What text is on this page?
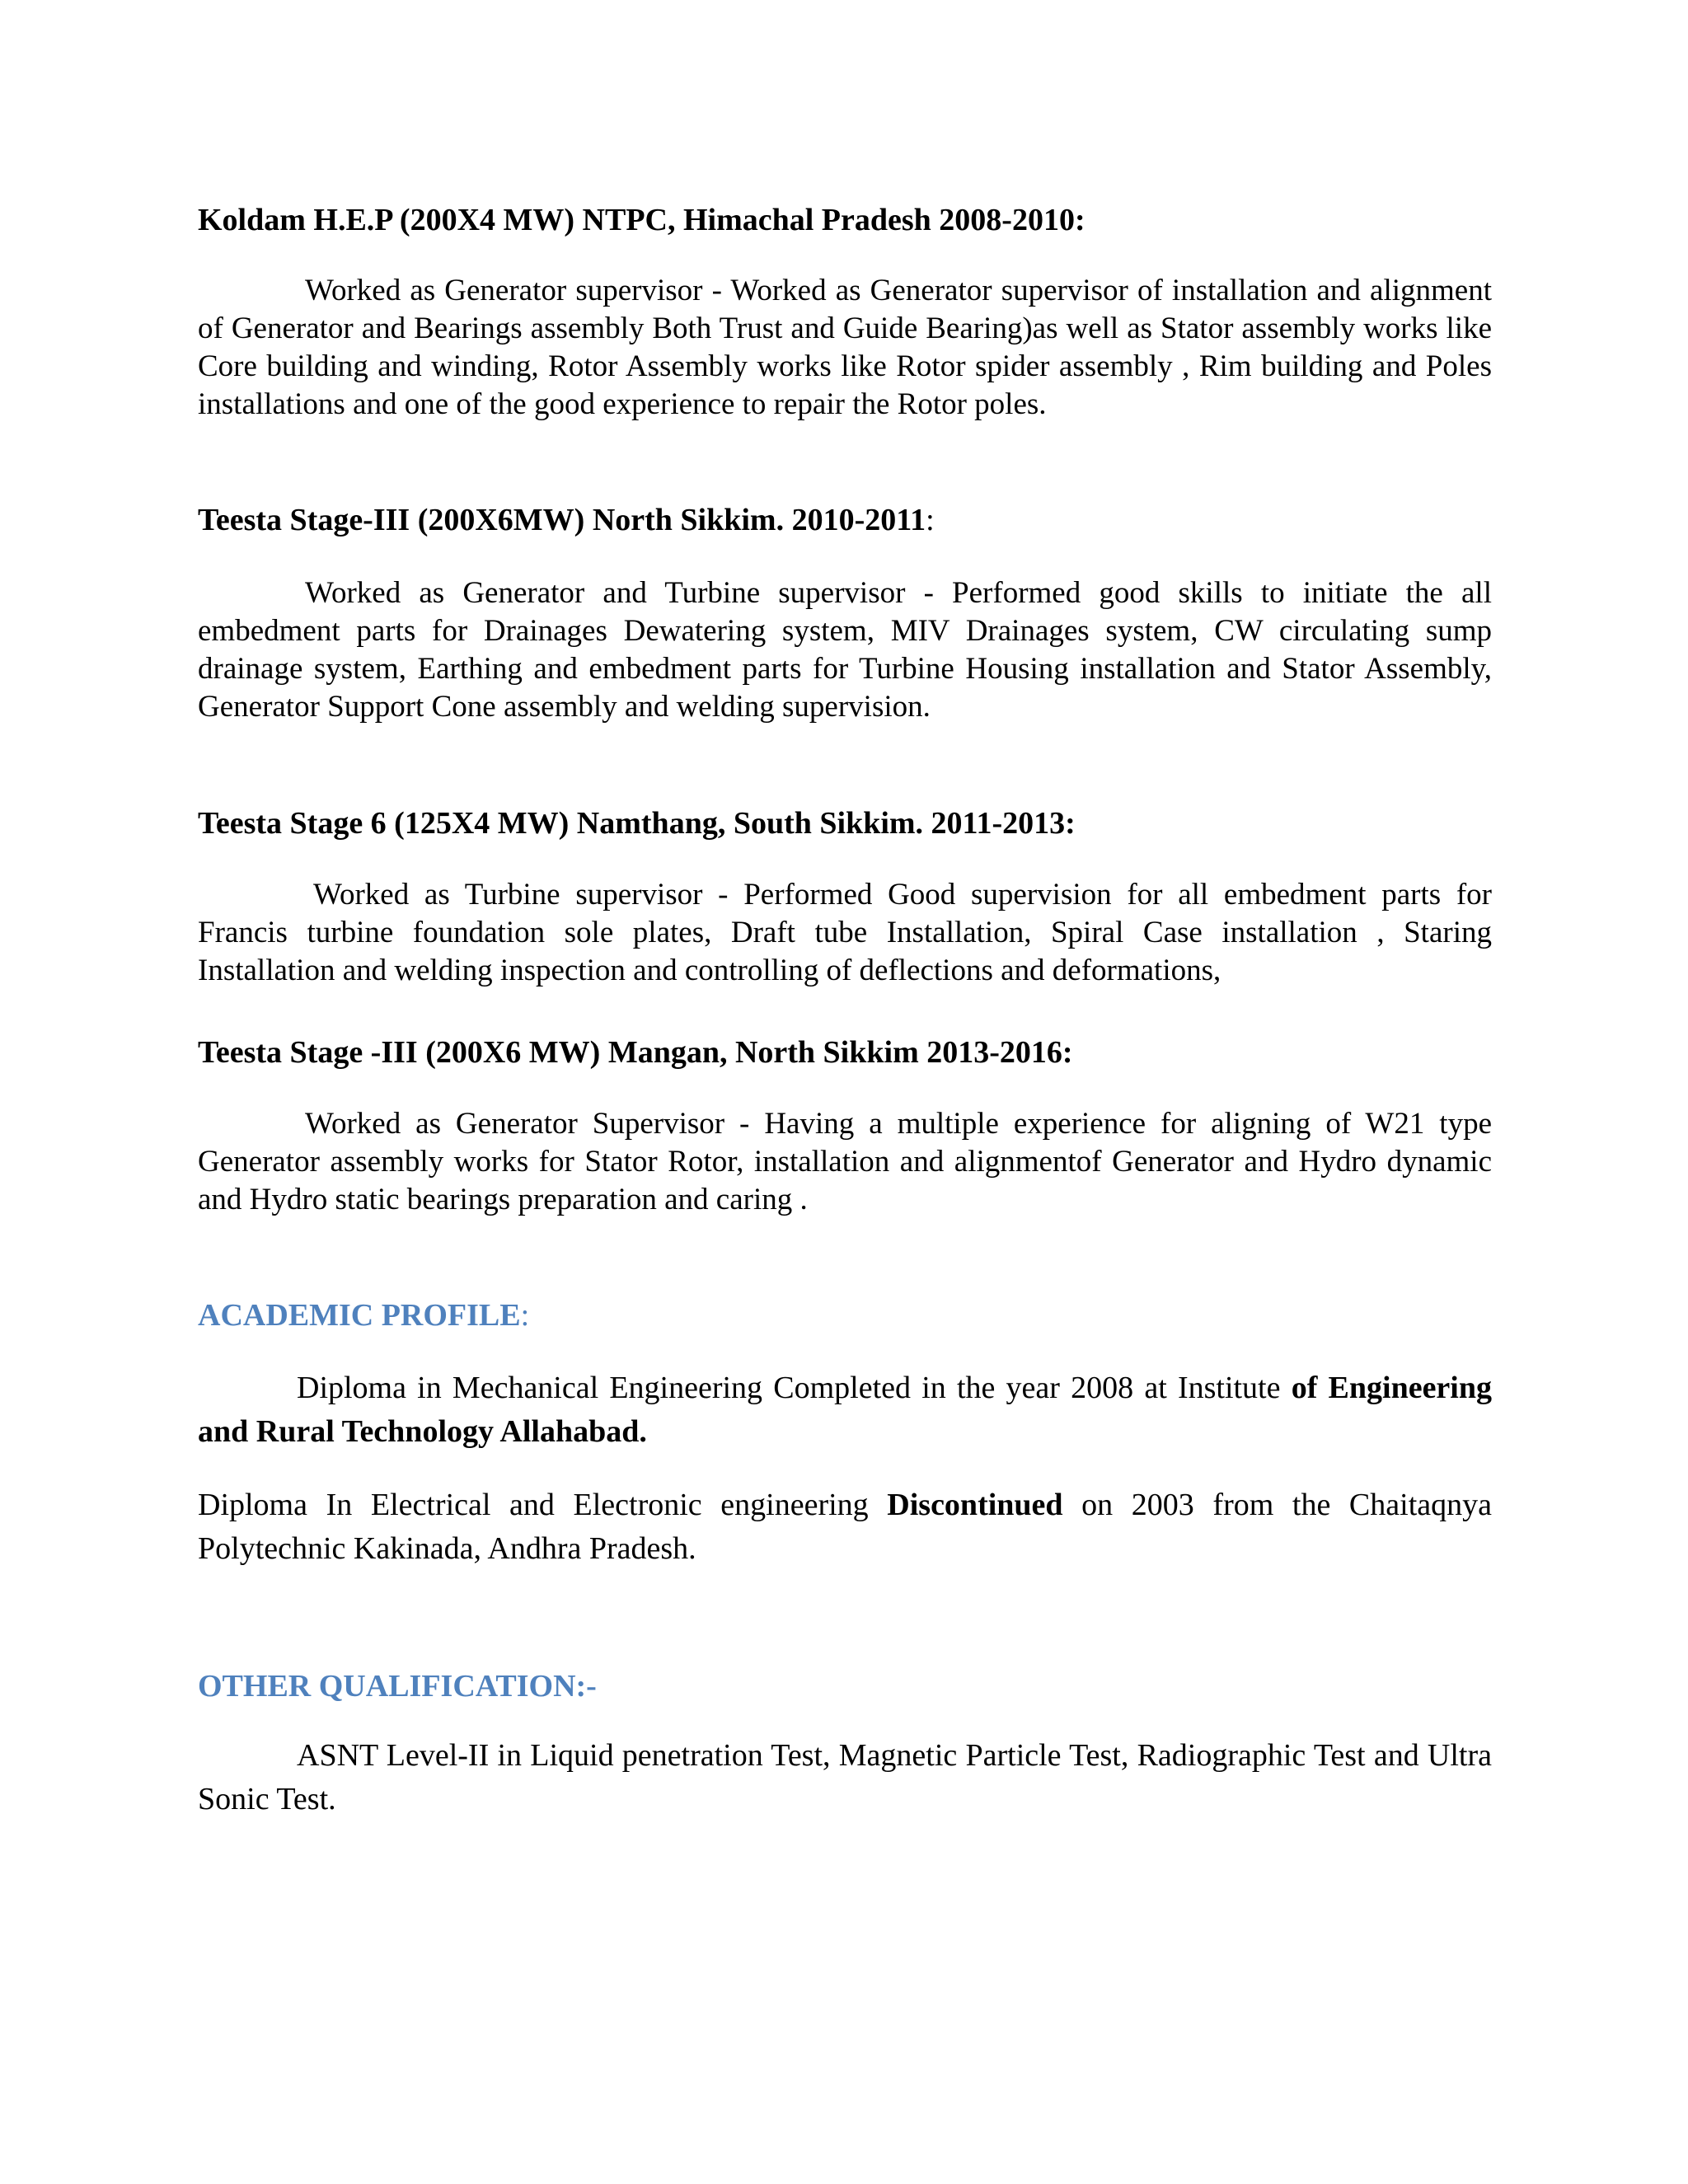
Koldam H.E.P (200X4 MW) NTPC, Himachal Pradesh 2008-2010:
Worked as Generator supervisor - Worked as Generator supervisor of installation and alignment of Generator and Bearings assembly Both Trust and Guide Bearing)as well as Stator assembly works like Core building and winding, Rotor Assembly works like Rotor spider assembly , Rim building and Poles installations and one of the good experience to repair the Rotor poles.
Teesta Stage-III (200X6MW) North Sikkim. 2010-2011:
Worked as Generator and Turbine supervisor - Performed good skills to initiate the all embedment parts for Drainages Dewatering system, MIV Drainages system, CW circulating sump drainage system, Earthing and embedment parts for Turbine Housing installation and Stator Assembly, Generator Support Cone assembly and welding supervision.
Teesta Stage 6 (125X4 MW) Namthang, South Sikkim. 2011-2013:
Worked as Turbine supervisor - Performed Good supervision for all embedment parts for Francis turbine foundation sole plates, Draft tube Installation, Spiral Case installation , Staring Installation and welding inspection and controlling of deflections and deformations,
Teesta Stage -III (200X6 MW) Mangan, North Sikkim 2013-2016:
Worked as Generator Supervisor - Having a multiple experience for aligning of W21 type Generator assembly works for Stator Rotor, installation and alignmentof Generator and Hydro dynamic and Hydro static bearings preparation and caring .
ACADEMIC PROFILE:
Diploma in Mechanical Engineering Completed in the year 2008 at Institute of Engineering and Rural Technology Allahabad.
Diploma In Electrical and Electronic engineering Discontinued on 2003 from the Chaitaqnya Polytechnic Kakinada, Andhra Pradesh.
OTHER QUALIFICATION:-
ASNT Level-II in Liquid penetration Test, Magnetic Particle Test, Radiographic Test and Ultra Sonic Test.
